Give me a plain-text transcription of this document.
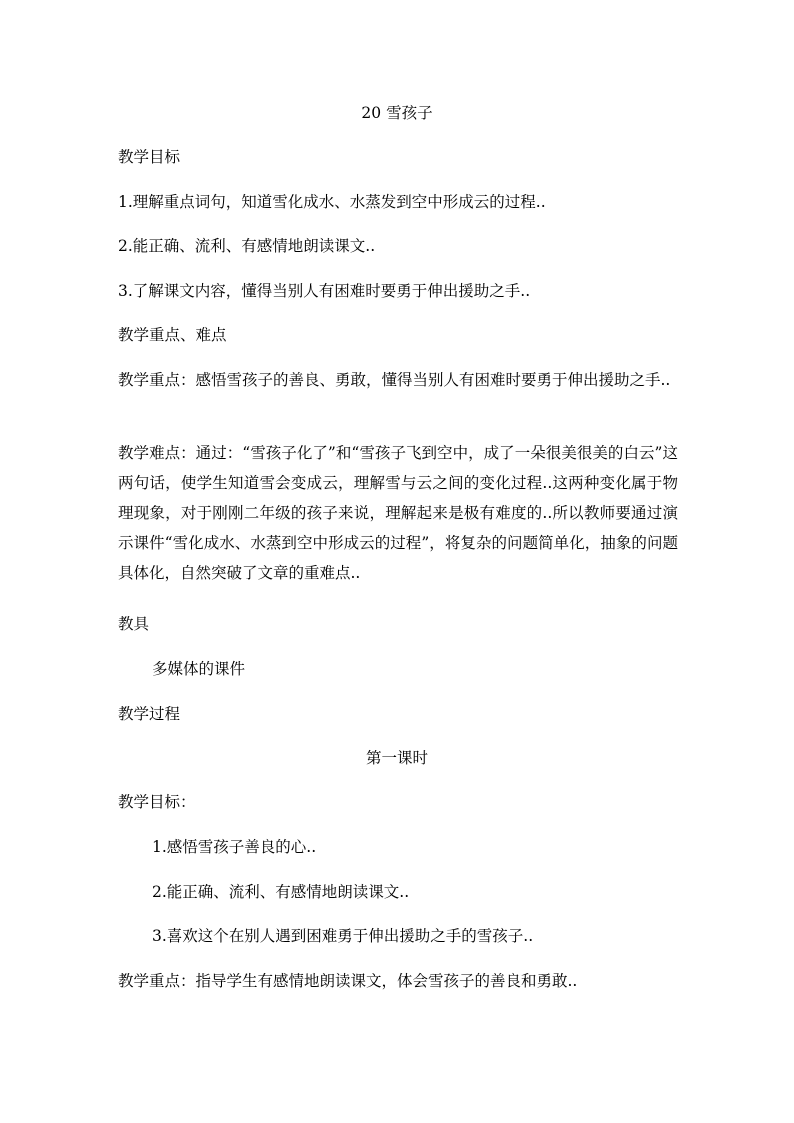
20 雪孩子
教学目标
1.理解重点词句，知道雪化成水、水蒸发到空中形成云的过程..
2.能正确、流利、有感情地朗读课文..
3.了解课文内容，懂得当别人有困难时要勇于伸出援助之手..
教学重点、难点
教学重点：感悟雪孩子的善良、勇敢，懂得当别人有困难时要勇于伸出援助之手..
教学难点：通过：“雪孩子化了”和“雪孩子飞到空中，成了一朵很美很美的白云”这两句话，使学生知道雪会变成云，理解雪与云之间的变化过程..这两种变化属于物理现象，对于刚刚二年级的孩子来说，理解起来是极有难度的..所以教师要通过演示课件“雪化成水、水蒸到空中形成云的过程”，将复杂的问题简单化，抽象的问题具体化，自然突破了文章的重难点..
教具
多媒体的课件
教学过程
第一课时
教学目标：
1.感悟雪孩子善良的心..
2.能正确、流利、有感情地朗读课文..
3.喜欢这个在别人遇到困难勇于伸出援助之手的雪孩子..
教学重点：指导学生有感情地朗读课文，体会雪孩子的善良和勇敢..
